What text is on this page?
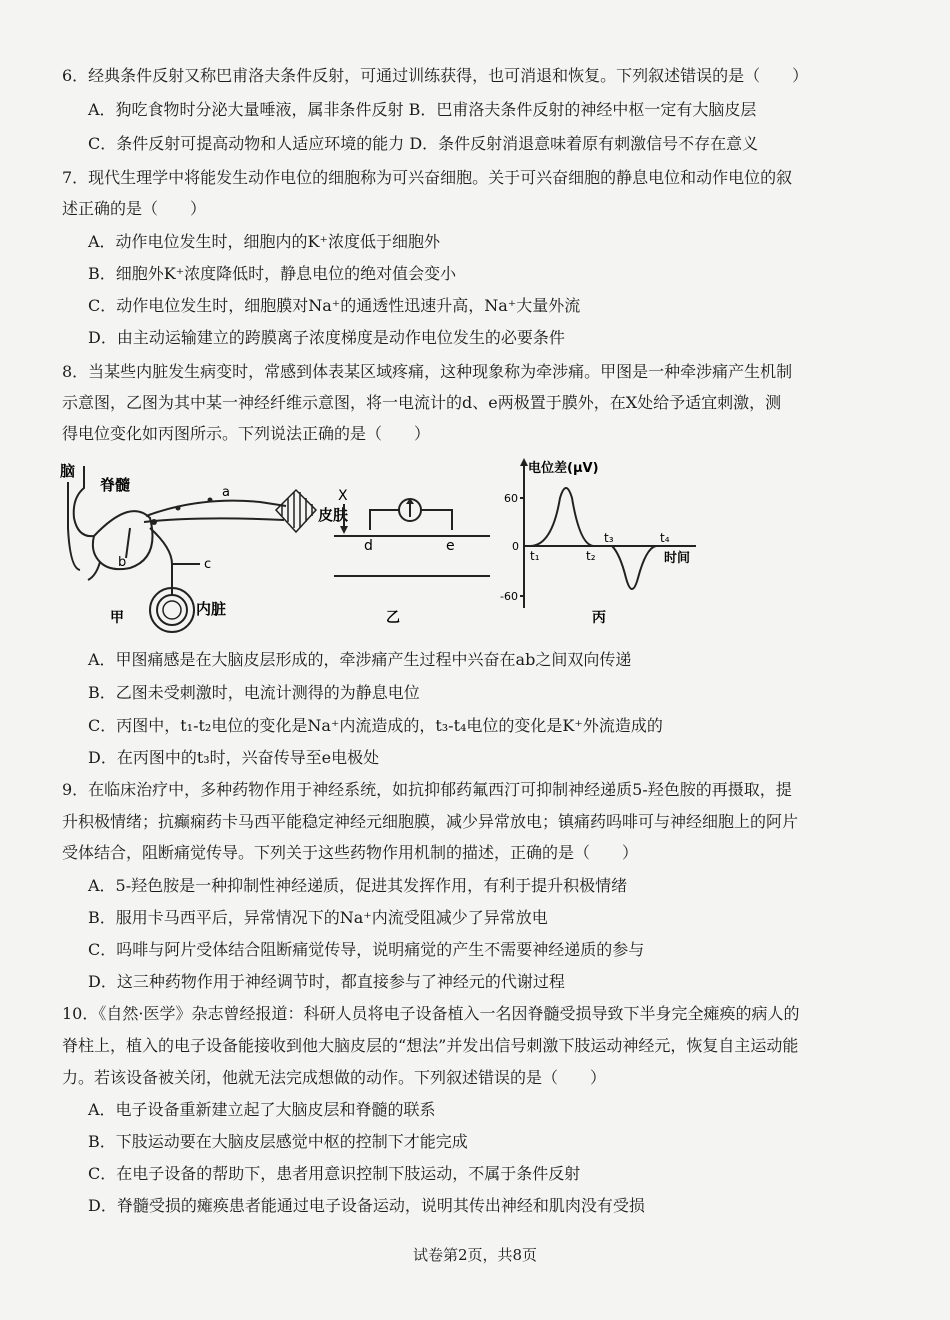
6．经典条件反射又称巴甫洛夫条件反射，可通过训练获得，也可消退和恢复。下列叙述错误的是（　　）
A．狗吃食物时分泌大量唾液，属非条件反射 B．巴甫洛夫条件反射的神经中枢一定有大脑皮层
C．条件反射可提高动物和人适应环境的能力 D．条件反射消退意味着原有刺激信号不存在意义
7．现代生理学中将能发生动作电位的细胞称为可兴奋细胞。关于可兴奋细胞的静息电位和动作电位的叙
述正确的是（　　）
A．动作电位发生时，细胞内的K⁺浓度低于细胞外
B．细胞外K⁺浓度降低时，静息电位的绝对值会变小
C．动作电位发生时，细胞膜对Na⁺的通透性迅速升高，Na⁺大量外流
D．由主动运输建立的跨膜离子浓度梯度是动作电位发生的必要条件
8．当某些内脏发生病变时，常感到体表某区域疼痛，这种现象称为牵涉痛。甲图是一种牵涉痛产生机制
示意图，乙图为其中某一神经纤维示意图，将一电流计的d、e两极置于膜外，在X处给予适宜刺激，测
得电位变化如丙图所示。下列说法正确的是（　　）
脑
脊髓
皮肤
内脏
a
b	c
甲
X
d	e
乙
电位差(μV)
60
0
-60
t₁	t₂
t₃	t₄
时间
丙
A．甲图痛感是在大脑皮层形成的，牵涉痛产生过程中兴奋在ab之间双向传递
B．乙图未受刺激时，电流计测得的为静息电位
C．丙图中，t₁-t₂电位的变化是Na⁺内流造成的，t₃-t₄电位的变化是K⁺外流造成的
D．在丙图中的t₃时，兴奋传导至e电极处
9．在临床治疗中，多种药物作用于神经系统，如抗抑郁药氟西汀可抑制神经递质5-羟色胺的再摄取，提
升积极情绪；抗癫痫药卡马西平能稳定神经元细胞膜，减少异常放电；镇痛药吗啡可与神经细胞上的阿片
受体结合，阻断痛觉传导。下列关于这些药物作用机制的描述，正确的是（　　）
A．5-羟色胺是一种抑制性神经递质，促进其发挥作用，有利于提升积极情绪
B．服用卡马西平后，异常情况下的Na⁺内流受阻减少了异常放电
C．吗啡与阿片受体结合阻断痛觉传导，说明痛觉的产生不需要神经递质的参与
D．这三种药物作用于神经调节时，都直接参与了神经元的代谢过程
10．《自然·医学》杂志曾经报道：科研人员将电子设备植入一名因脊髓受损导致下半身完全瘫痪的病人的
脊柱上，植入的电子设备能接收到他大脑皮层的“想法”并发出信号刺激下肢运动神经元，恢复自主运动能
力。若该设备被关闭，他就无法完成想做的动作。下列叙述错误的是（　　）
A．电子设备重新建立起了大脑皮层和脊髓的联系
B．下肢运动要在大脑皮层感觉中枢的控制下才能完成
C．在电子设备的帮助下，患者用意识控制下肢运动，不属于条件反射
D．脊髓受损的瘫痪患者能通过电子设备运动，说明其传出神经和肌肉没有受损
试卷第2页，共8页
